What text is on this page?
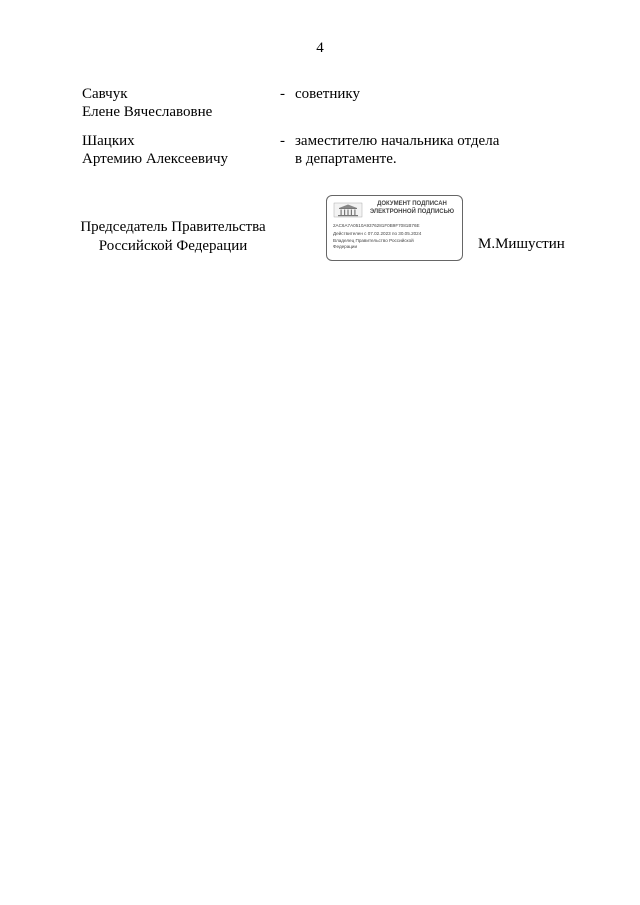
4
Савчук
Елене Вячеславовне
- советнику
Шацких
Артемию Алексеевичу
- заместителю начальника отдела
в департаменте.
Председатель Правительства
Российской Федерации
ДОКУМЕНТ ПОДПИСАН
ЭЛЕКТРОННОЙ ПОДПИСЬЮ
2AC6A7A0510A9376281F0B9F7081B76E
Действителен с 07.02.2023 по 30.05.2024
Владелец Правительство Российской
Федерации	М.Мишустин
